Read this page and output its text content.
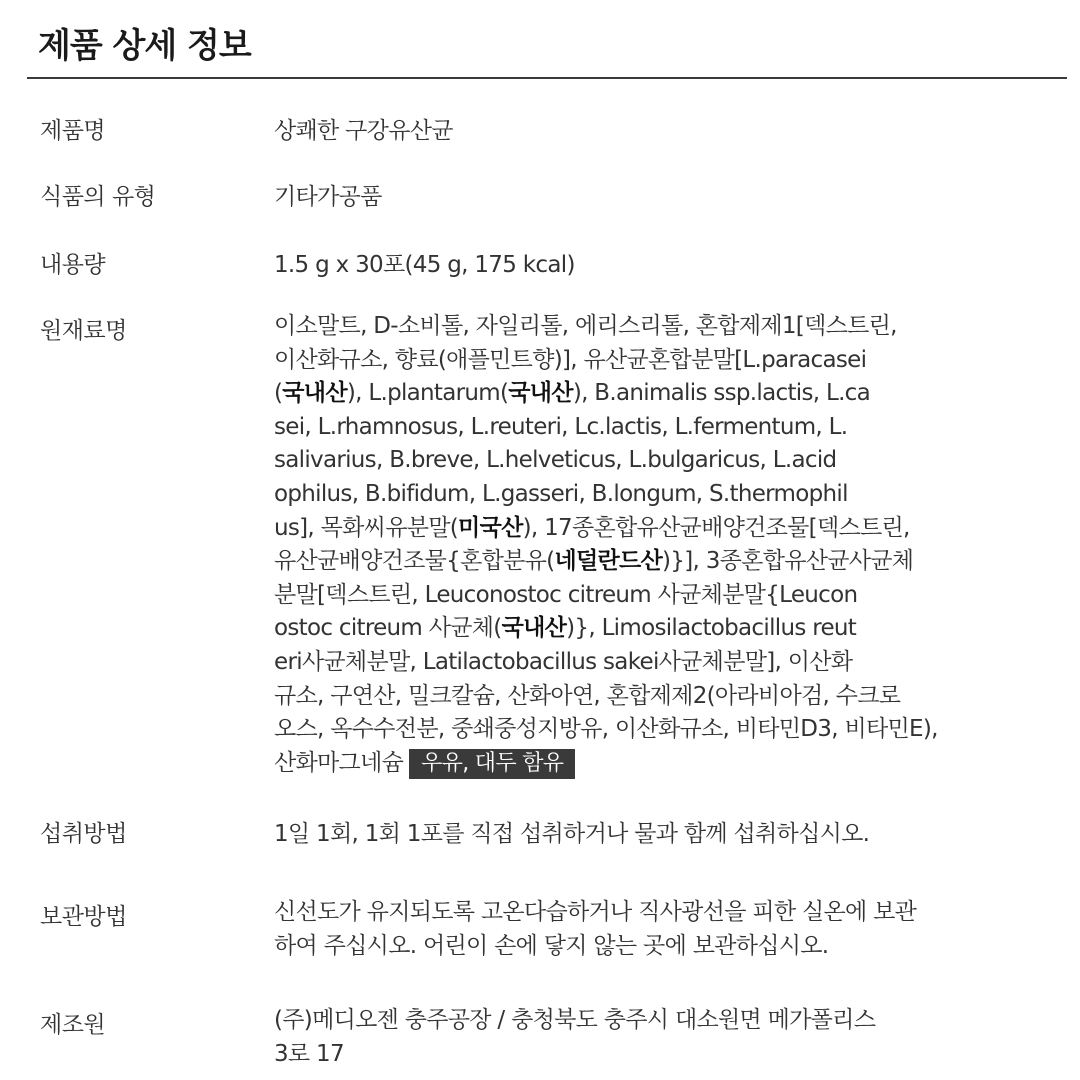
제품 상세 정보
제품명	상쾌한 구강유산균
식품의 유형	기타가공품
내용량	1.5 g x 30포(45 g, 175 kcal)
원재료명	이소말트, D-소비톨, 자일리톨, 에리스리톨, 혼합제제1[덱스트린,
이산화규소, 향료(애플민트향)], 유산균혼합분말[L.paracasei
(국내산), L.plantarum(국내산), B.animalis ssp.lactis, L.ca
sei, L.rhamnosus, L.reuteri, Lc.lactis, L.fermentum, L.
salivarius, B.breve, L.helveticus, L.bulgaricus, L.acid
ophilus, B.bifidum, L.gasseri, B.longum, S.thermophil
us], 목화씨유분말(미국산), 17종혼합유산균배양건조물[덱스트린,
유산균배양건조물{혼합분유(네덜란드산)}], 3종혼합유산균사균체
분말[덱스트린, Leuconostoc citreum 사균체분말{Leucon
ostoc citreum 사균체(국내산)}, Limosilactobacillus reut
eri사균체분말, Latilactobacillus sakei사균체분말], 이산화
규소, 구연산, 밀크칼슘, 산화아연, 혼합제제2(아라비아검, 수크로
오스, 옥수수전분, 중쇄중성지방유, 이산화규소, 비타민D3, 비타민E),
산화마그네슘 우유, 대두 함유
섭취방법	1일 1회, 1회 1포를 직접 섭취하거나 물과 함께 섭취하십시오.
보관방법	신선도가 유지되도록 고온다습하거나 직사광선을 피한 실온에 보관
하여 주십시오. 어린이 손에 닿지 않는 곳에 보관하십시오.
제조원	(주)메디오젠 충주공장 / 충청북도 충주시 대소원면 메가폴리스
3로 17
